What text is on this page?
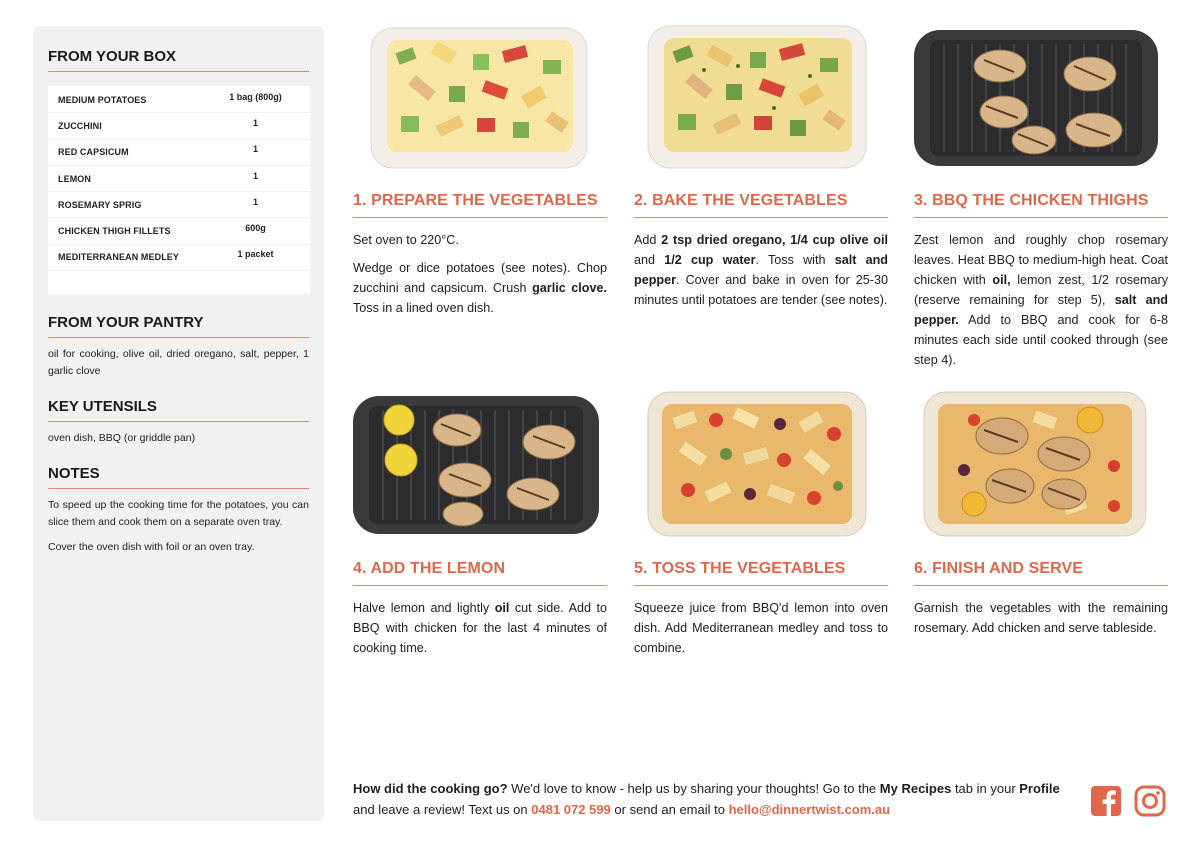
FROM YOUR BOX
MEDIUM POTATOES	1 bag (800g)
ZUCCHINI	1
RED CAPSICUM	1
LEMON	1
ROSEMARY SPRIG	1
CHICKEN THIGH FILLETS	600g
MEDITERRANEAN MEDLEY	1 packet
FROM YOUR PANTRY
oil for cooking, olive oil, dried oregano, salt, pepper, 1 garlic clove
KEY UTENSILS
oven dish, BBQ (or griddle pan)
NOTES
To speed up the cooking time for the potatoes, you can slice them and cook them on a separate oven tray.
Cover the oven dish with foil or an oven tray.
1. PREPARE THE VEGETABLES

Set oven to 220°C.

Wedge or dice potatoes (see notes). Chop zucchini and capsicum. Crush garlic clove. Toss in a lined oven dish.

2. BAKE THE VEGETABLES

Add 2 tsp dried oregano, 1/4 cup olive oil and 1/2 cup water. Toss with salt and pepper. Cover and bake in oven for 25-30 minutes until potatoes are tender (see notes).

3. BBQ THE CHICKEN THIGHS

Zest lemon and roughly chop rosemary leaves. Heat BBQ to medium-high heat. Coat chicken with oil, lemon zest, 1/2 rosemary (reserve remaining for step 5), salt and pepper. Add to BBQ and cook for 6-8 minutes each side until cooked through (see step 4).

4. ADD THE LEMON

Halve lemon and lightly oil cut side. Add to BBQ with chicken for the last 4 minutes of cooking time.

5. TOSS THE VEGETABLES

Squeeze juice from BBQ'd lemon into oven dish. Add Mediterranean medley and toss to combine.

6. FINISH AND SERVE

Garnish the vegetables with the remaining rosemary. Add chicken and serve tableside.

How did the cooking go? We'd love to know - help us by sharing your thoughts! Go to the My Recipes tab in your Profile and leave a review! Text us on 0481 072 599 or send an email to hello@dinnertwist.com.au
